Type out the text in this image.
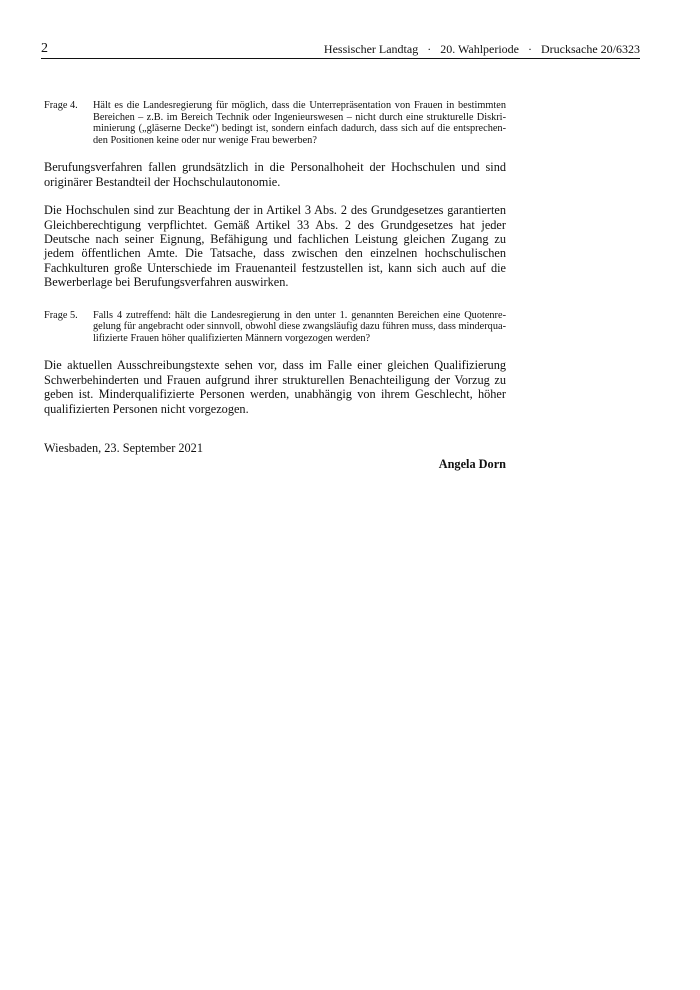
2	Hessischer Landtag · 20. Wahlperiode · Drucksache 20/6323
Frage 4.	Hält es die Landesregierung für möglich, dass die Unterrepräsentation von Frauen in bestimmten Bereichen – z.B. im Bereich Technik oder Ingenieurswesen – nicht durch eine strukturelle Diskriminierung („gläserne Decke“) bedingt ist, sondern einfach dadurch, dass sich auf die entsprechenden Positionen keine oder nur wenige Frau bewerben?

Berufungsverfahren fallen grundsätzlich in die Personalhoheit der Hochschulen und sind originärer Bestandteil der Hochschulautonomie.

Die Hochschulen sind zur Beachtung der in Artikel 3 Abs. 2 des Grundgesetzes garantierten Gleichberechtigung verpflichtet. Gemäß Artikel 33 Abs. 2 des Grundgesetzes hat jeder Deutsche nach seiner Eignung, Befähigung und fachlichen Leistung gleichen Zugang zu jedem öffentlichen Amte. Die Tatsache, dass zwischen den einzelnen hochschulischen Fachkulturen große Unterschiede im Frauenanteil festzustellen ist, kann sich auch auf die Bewerberlage bei Berufungsverfahren auswirken.

Frage 5.	Falls 4 zutreffend: hält die Landesregierung in den unter 1. genannten Bereichen eine Quotenregelung für angebracht oder sinnvoll, obwohl diese zwangsläufig dazu führen muss, dass minderqualifizierte Frauen höher qualifizierten Männern vorgezogen werden?

Die aktuellen Ausschreibungstexte sehen vor, dass im Falle einer gleichen Qualifizierung Schwerbehinderten und Frauen aufgrund ihrer strukturellen Benachteiligung der Vorzug zu geben ist. Minderqualifizierte Personen werden, unabhängig von ihrem Geschlecht, höher qualifizierten Personen nicht vorgezogen.

Wiesbaden, 23. September 2021
Angela Dorn
